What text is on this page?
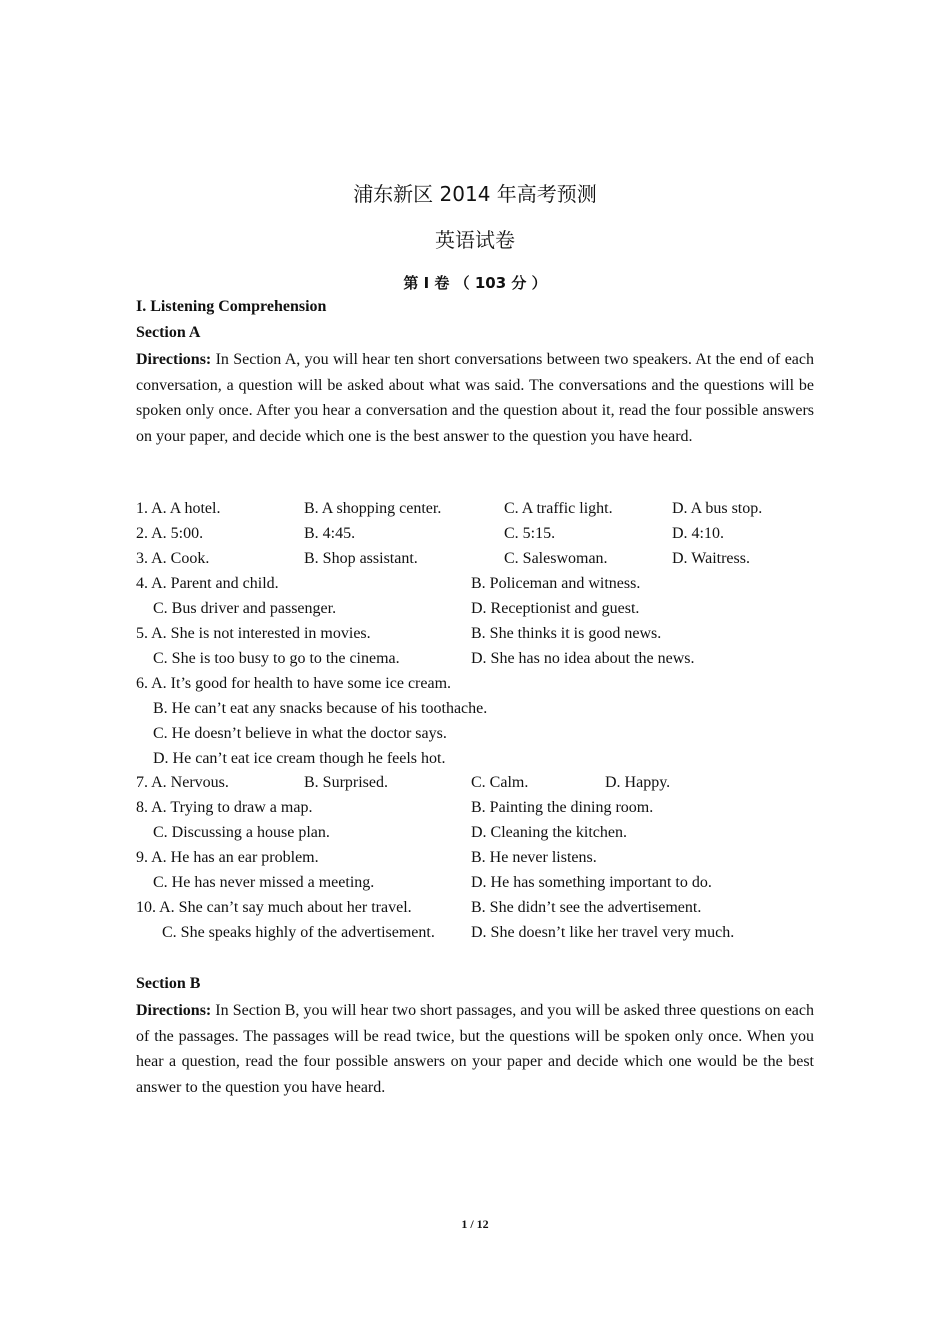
浦东新区 2014 年高考预测
英语试卷
第 I 卷 （ 103 分 ）
I. Listening Comprehension
Section A
Directions: In Section A, you will hear ten short conversations between two speakers. At the end of each conversation, a question will be asked about what was said. The conversations and the questions will be spoken only once. After you hear a conversation and the question about it, read the four possible answers on your paper, and decide which one is the best answer to the question you have heard.
1. A. A hotel.	B. A shopping center.	C. A traffic light.	D. A bus stop.
2. A. 5:00.	B. 4:45.	C. 5:15.	D. 4:10.
3. A. Cook.	B. Shop assistant.	C. Saleswoman.	D. Waitress.
4. A. Parent and child.	B. Policeman and witness.
C. Bus driver and passenger.	D. Receptionist and guest.
5. A. She is not interested in movies.	B. She thinks it is good news.
C. She is too busy to go to the cinema.	D. She has no idea about the news.
6. A. It’s good for health to have some ice cream.
B. He can’t eat any snacks because of his toothache.
C. He doesn’t believe in what the doctor says.
D. He can’t eat ice cream though he feels hot.
7. A. Nervous.	B. Surprised.	C. Calm.	D. Happy.
8. A. Trying to draw a map.	B. Painting the dining room.
C. Discussing a house plan.	D. Cleaning the kitchen.
9. A. He has an ear problem.	B. He never listens.
C. He has never missed a meeting.	D. He has something important to do.
10. A. She can’t say much about her travel.	B. She didn’t see the advertisement.
C. She speaks highly of the advertisement. D. She doesn’t like her travel very much.
Section B
Directions: In Section B, you will hear two short passages, and you will be asked three questions on each of the passages. The passages will be read twice, but the questions will be spoken only once. When you hear a question, read the four possible answers on your paper and decide which one would be the best answer to the question you have heard.
1 / 12
